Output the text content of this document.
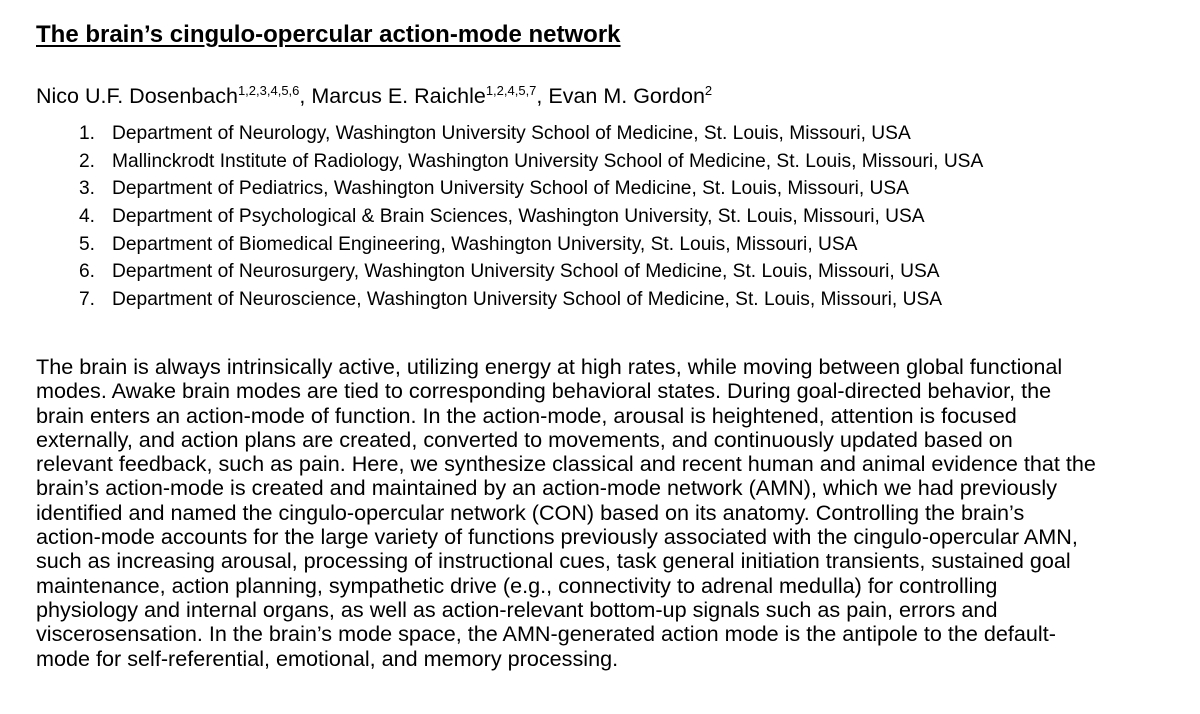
The brain’s cingulo-opercular action-mode network

Nico U.F. Dosenbach$^{1,2,3,4,5,6}$, Marcus E. Raichle$^{1,2,4,5,7}$, Evan M. Gordon$^2$

1. Department of Neurology, Washington University School of Medicine, St. Louis, Missouri, USA
2. Mallinckrodt Institute of Radiology, Washington University School of Medicine, St. Louis, Missouri, USA
3. Department of Pediatrics, Washington University School of Medicine, St. Louis, Missouri, USA
4. Department of Psychological & Brain Sciences, Washington University, St. Louis, Missouri, USA
5. Department of Biomedical Engineering, Washington University, St. Louis, Missouri, USA
6. Department of Neurosurgery, Washington University School of Medicine, St. Louis, Missouri, USA
7. Department of Neuroscience, Washington University School of Medicine, St. Louis, Missouri, USA
The brain is always intrinsically active, utilizing energy at high rates, while moving between global functional
modes. Awake brain modes are tied to corresponding behavioral states. During goal-directed behavior, the
brain enters an action-mode of function. In the action-mode, arousal is heightened, attention is focused
externally, and action plans are created, converted to movements, and continuously updated based on
relevant feedback, such as pain. Here, we synthesize classical and recent human and animal evidence that the
brain’s action-mode is created and maintained by an action-mode network (AMN), which we had previously
identified and named the cingulo-opercular network (CON) based on its anatomy. Controlling the brain’s
action-mode accounts for the large variety of functions previously associated with the cingulo-opercular AMN,
such as increasing arousal, processing of instructional cues, task general initiation transients, sustained goal
maintenance, action planning, sympathetic drive (e.g., connectivity to adrenal medulla) for controlling
physiology and internal organs, as well as action-relevant bottom-up signals such as pain, errors and
viscerosensation. In the brain’s mode space, the AMN-generated action mode is the antipole to the default-
mode for self-referential, emotional, and memory processing.
